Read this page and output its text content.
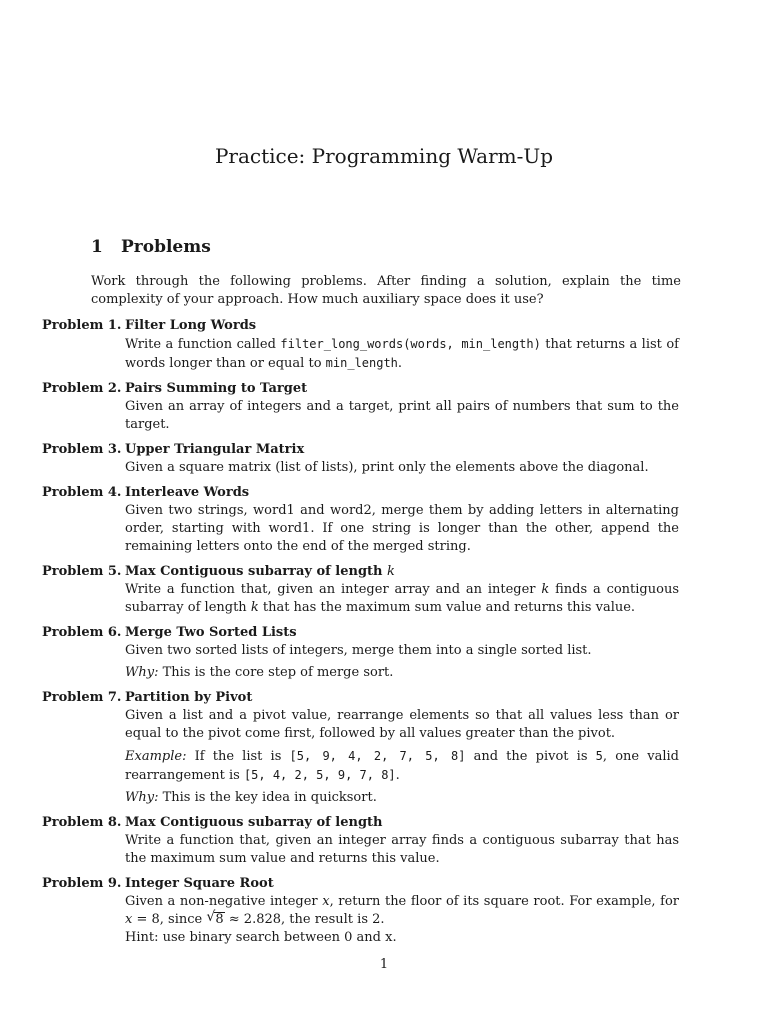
Practice: Programming Warm-Up
1 Problems
Work through the following problems. After finding a solution, explain the time complexity of your approach. How much auxiliary space does it use?
Problem 1. Filter Long Words
Write a function called filter_long_words(words, min_length) that returns a list of words longer than or equal to min_length.
Problem 2. Pairs Summing to Target
Given an array of integers and a target, print all pairs of numbers that sum to the target.
Problem 3. Upper Triangular Matrix
Given a square matrix (list of lists), print only the elements above the diagonal.
Problem 4. Interleave Words
Given two strings, word1 and word2, merge them by adding letters in alternating order, starting with word1. If one string is longer than the other, append the remaining letters onto the end of the merged string.
Problem 5. Max Contiguous subarray of length k
Write a function that, given an integer array and an integer k finds a contiguous subarray of length k that has the maximum sum value and returns this value.
Problem 6. Merge Two Sorted Lists
Given two sorted lists of integers, merge them into a single sorted list.
Why: This is the core step of merge sort.
Problem 7. Partition by Pivot
Given a list and a pivot value, rearrange elements so that all values less than or equal to the pivot come first, followed by all values greater than the pivot.
Example: If the list is [5, 9, 4, 2, 7, 5, 8] and the pivot is 5, one valid rearrangement is [5, 4, 2, 5, 9, 7, 8].
Why: This is the key idea in quicksort.
Problem 8. Max Contiguous subarray of length
Write a function that, given an integer array finds a contiguous subarray that has the maximum sum value and returns this value.
Problem 9. Integer Square Root
Given a non-negative integer x, return the floor of its square root. For example, for x = 8, since √ 8 ≈ 2.828, the result is 2.
Hint: use binary search between 0 and x.
1
